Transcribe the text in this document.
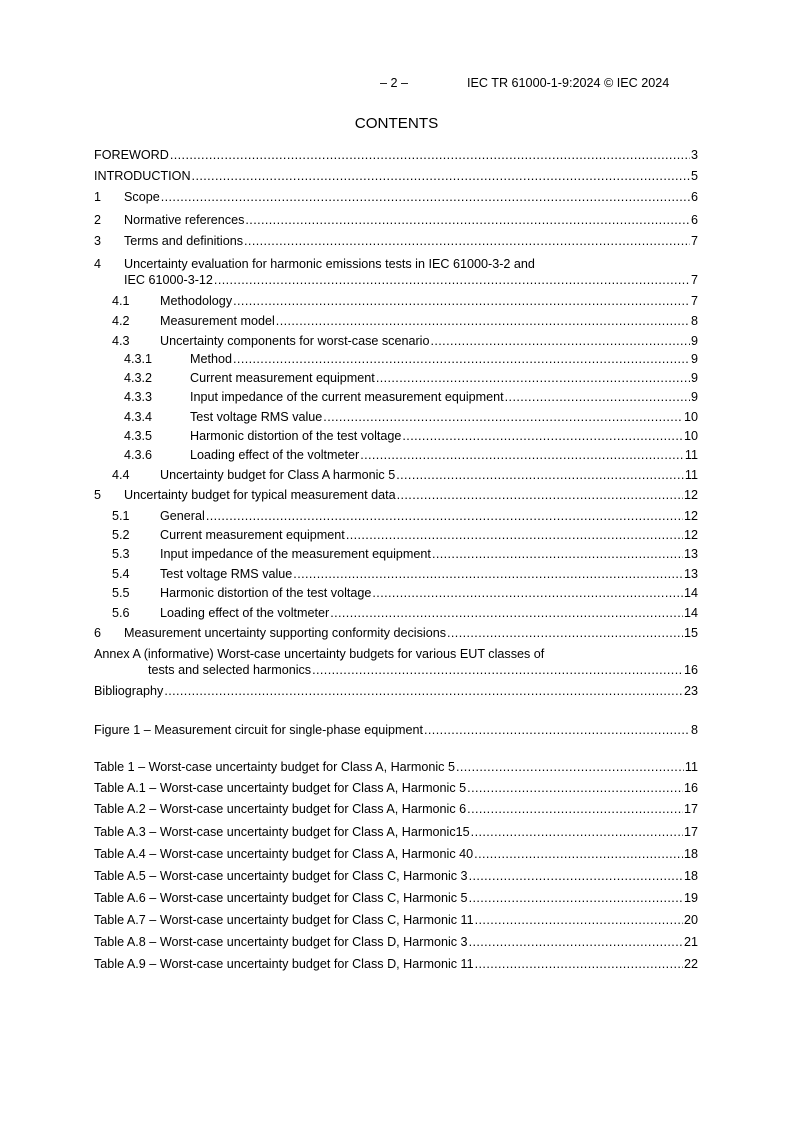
– 2 –	IEC TR 61000-1-9:2024 © IEC 2024
CONTENTS
FOREWORD .....	3
INTRODUCTION .....	5
1 Scope .....	6
2 Normative references .....	6
3 Terms and definitions .....	7
4 Uncertainty evaluation for harmonic emissions tests in IEC 61000-3-2 and
IEC 61000-3-12 .....	7
4.1 Methodology .....	7
4.2 Measurement model .....	8
4.3 Uncertainty components for worst-case scenario .....	9
4.3.1	Method .....	9
4.3.2	Current measurement equipment .....	9
4.3.3	Input impedance of the current measurement equipment .....	9
4.3.4	Test voltage RMS value .....	10
4.3.5	Harmonic distortion of the test voltage .....	10
4.3.6	Loading effect of the voltmeter .....	11
4.4 Uncertainty budget for Class A harmonic 5 .....	11
5 Uncertainty budget for typical measurement data .....	12
5.1 General .....	12
5.2 Current measurement equipment .....	12
5.3 Input impedance of the measurement equipment .....	13
5.4 Test voltage RMS value .....	13
5.5 Harmonic distortion of the test voltage .....	14
5.6 Loading effect of the voltmeter .....	14
6 Measurement uncertainty supporting conformity decisions .....	15
Annex A (informative) Worst-case uncertainty budgets for various EUT classes of
tests and selected harmonics .....	16
Bibliography .....	23
Figure 1 – Measurement circuit for single-phase equipment .....	8
Table 1 – Worst-case uncertainty budget for Class A, Harmonic 5 .....	11
Table A.1 – Worst-case uncertainty budget for Class A, Harmonic 5 .....	16
Table A.2 – Worst-case uncertainty budget for Class A, Harmonic 6 .....	17
Table A.3 – Worst-case uncertainty budget for Class A, Harmonic15 .....	17
Table A.4 – Worst-case uncertainty budget for Class A, Harmonic 40 .....	18
Table A.5 – Worst-case uncertainty budget for Class C, Harmonic 3 .....	18
Table A.6 – Worst-case uncertainty budget for Class C, Harmonic 5 .....	19
Table A.7 – Worst-case uncertainty budget for Class C, Harmonic 11 .....	20
Table A.8 – Worst-case uncertainty budget for Class D, Harmonic 3 .....	21
Table A.9 – Worst-case uncertainty budget for Class D, Harmonic 11 .....	22
